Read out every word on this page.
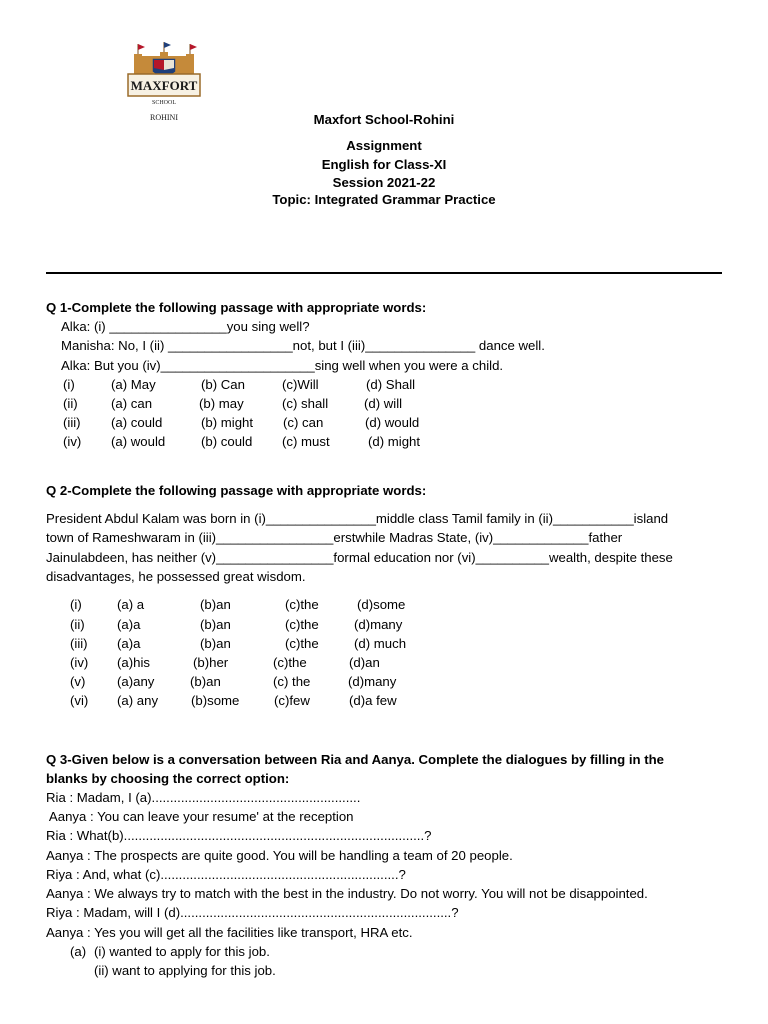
MAXFORT
SCHOOL
ROHINI	Maxfort School-Rohini
Assignment
English for Class-XI
Session 2021-22
Topic: Integrated Grammar Practice
Q 1-Complete the following passage with appropriate words:
Alka: (i) ________________you sing well?
Manisha: No, I (ii) _________________not, but I (iii)_______________ dance well.
Alka: But you (iv)_____________________sing well when you were a child.
(i)	(a) May	(b) Can	(c)Will	(d) Shall
(ii)	(a) can	(b) may	(c) shall	(d) will
(iii) (a) could	(b) might (c) can	(d) would
(iv) (a) would	(b) could (c) must	(d) might
Q 2-Complete the following passage with appropriate words:
President Abdul Kalam was born in (i)_______________middle class Tamil family in (ii)___________island
town of Rameshwaram in (iii)________________erstwhile Madras State, (iv)_____________father
Jainulabdeen, has neither (v)________________formal education nor (vi)__________wealth, despite these
disadvantages, he possessed great wisdom.
(i)	(a) a	(b)an	(c)the	(d)some
(ii) (a)a	(b)an	(c)the	(d)many
(iii) (a)a	(b)an	(c)the	(d) much
(iv) (a)his	(b)her	(c)the	(d)an
(v) (a)any	(b)an	(c) the	(d)many
(vi) (a) any (b)some	(c)few	(d)a few
Q 3-Given below is a conversation between Ria and Aanya. Complete the dialogues by filling in the
blanks by choosing the correct option:
Ria : Madam, I (a).........................................................
Aanya : You can leave your resume' at the reception
Ria : What(b)..................................................................................?
Aanya : The prospects are quite good. You will be handling a team of 20 people.
Riya : And, what (c).................................................................?
Aanya : We always try to match with the best in the industry. Do not worry. You will not be disappointed.
Riya : Madam, will I (d)..........................................................................?
Aanya : Yes you will get all the facilities like transport, HRA etc.
(a) (i) wanted to apply for this job.
(ii) want to applying for this job.
